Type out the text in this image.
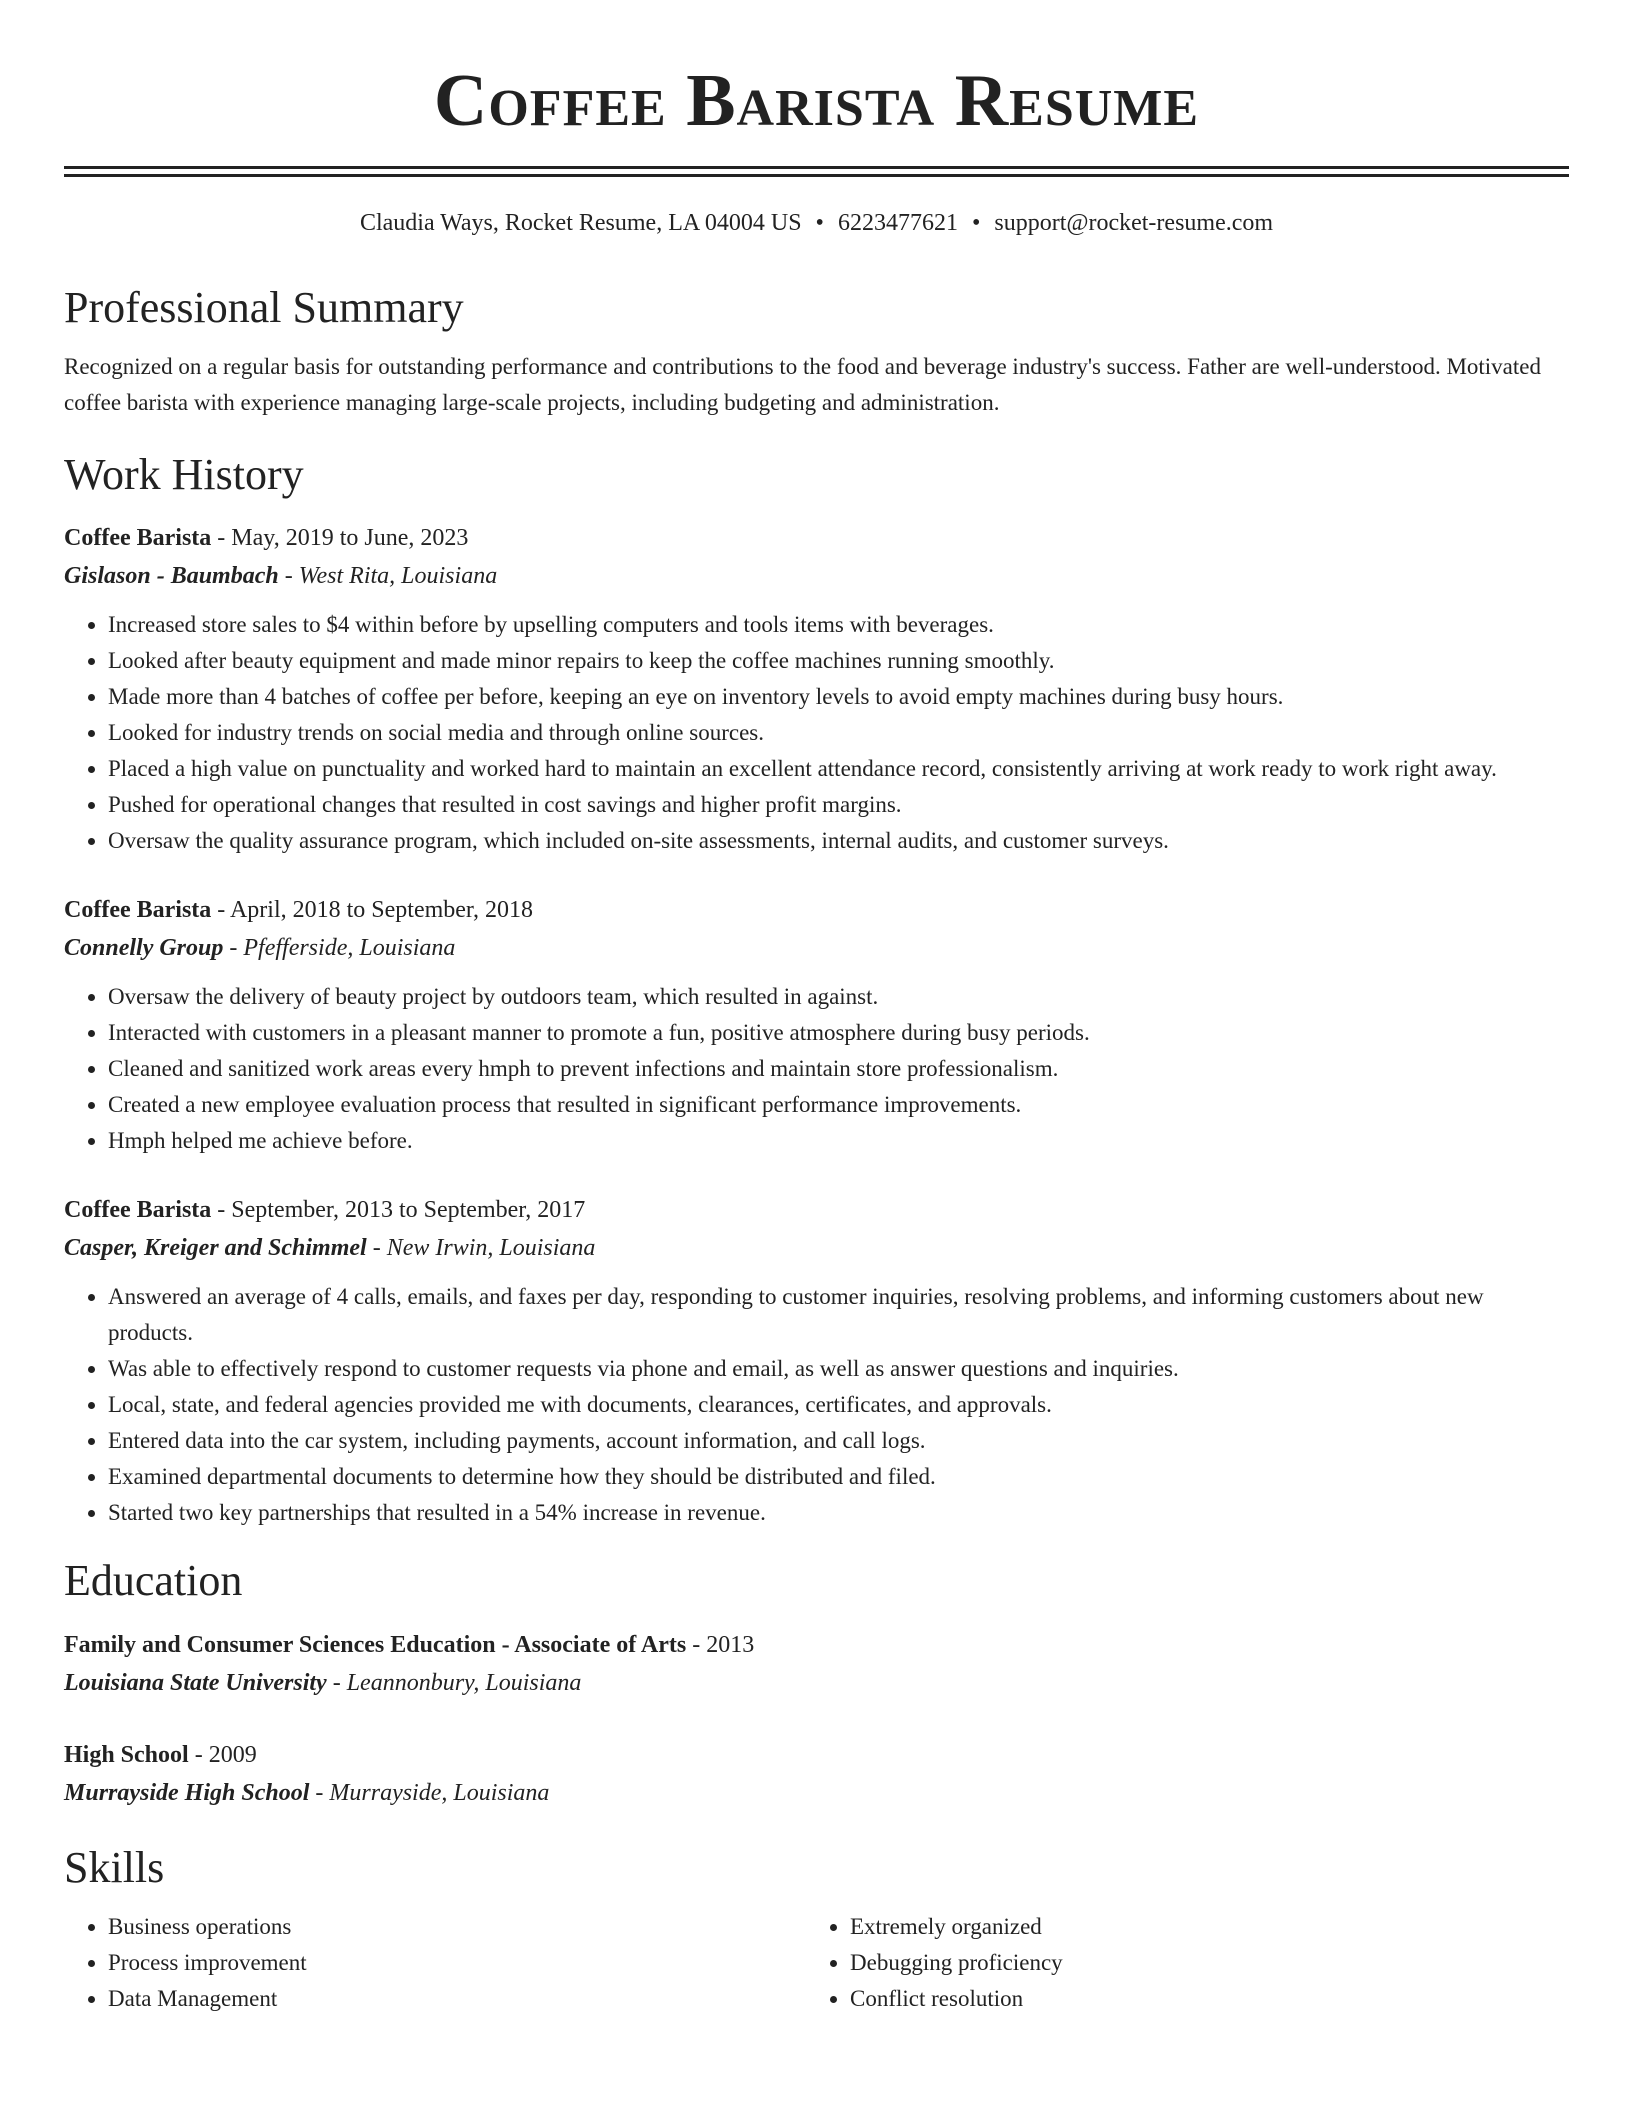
Coffee Barista Resume
Claudia Ways, Rocket Resume, LA 04004 US • 6223477621 • support@rocket-resume.com
Professional Summary
Recognized on a regular basis for outstanding performance and contributions to the food and beverage industry's success. Father are well-understood. Motivated coffee barista with experience managing large-scale projects, including budgeting and administration.
Work History
Coffee Barista - May, 2019 to June, 2023
Gislason - Baumbach - West Rita, Louisiana
• Increased store sales to $4 within before by upselling computers and tools items with beverages.
• Looked after beauty equipment and made minor repairs to keep the coffee machines running smoothly.
• Made more than 4 batches of coffee per before, keeping an eye on inventory levels to avoid empty machines during busy hours.
• Looked for industry trends on social media and through online sources.
• Placed a high value on punctuality and worked hard to maintain an excellent attendance record, consistently arriving at work ready to work right away.
• Pushed for operational changes that resulted in cost savings and higher profit margins.
• Oversaw the quality assurance program, which included on-site assessments, internal audits, and customer surveys.
Coffee Barista - April, 2018 to September, 2018
Connelly Group - Pfefferside, Louisiana
• Oversaw the delivery of beauty project by outdoors team, which resulted in against.
• Interacted with customers in a pleasant manner to promote a fun, positive atmosphere during busy periods.
• Cleaned and sanitized work areas every hmph to prevent infections and maintain store professionalism.
• Created a new employee evaluation process that resulted in significant performance improvements.
• Hmph helped me achieve before.
Coffee Barista - September, 2013 to September, 2017
Casper, Kreiger and Schimmel - New Irwin, Louisiana
• Answered an average of 4 calls, emails, and faxes per day, responding to customer inquiries, resolving problems, and informing customers about new products.
• Was able to effectively respond to customer requests via phone and email, as well as answer questions and inquiries.
• Local, state, and federal agencies provided me with documents, clearances, certificates, and approvals.
• Entered data into the car system, including payments, account information, and call logs.
• Examined departmental documents to determine how they should be distributed and filed.
• Started two key partnerships that resulted in a 54% increase in revenue.
Education
Family and Consumer Sciences Education - Associate of Arts - 2013
Louisiana State University - Leannonbury, Louisiana
High School - 2009
Murrayside High School - Murrayside, Louisiana
Skills
• Business operations
• Process improvement
• Data Management
• Extremely organized
• Debugging proficiency
• Conflict resolution
